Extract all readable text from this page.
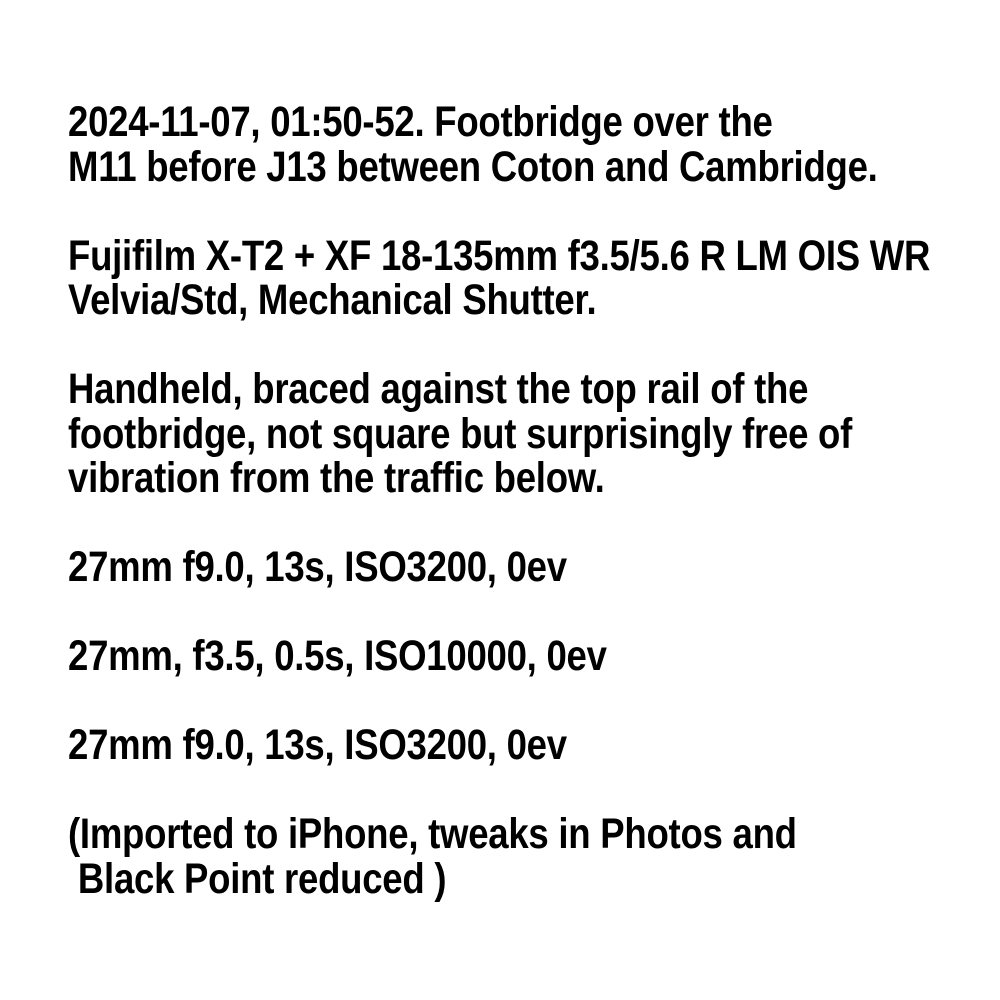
2024-11-07, 01:50-52. Footbridge over the
M11 before J13 between Coton and Cambridge.
Fujifilm X-T2 + XF 18-135mm f3.5/5.6 R LM OIS WR
Velvia/Std, Mechanical Shutter.
Handheld, braced against the top rail of the
footbridge, not square but surprisingly free of
vibration from the traffic below.
27mm f9.0, 13s, ISO3200, 0ev
27mm, f3.5, 0.5s, ISO10000, 0ev
27mm f9.0, 13s, ISO3200, 0ev
(Imported to iPhone, tweaks in Photos and
Black Point reduced )
